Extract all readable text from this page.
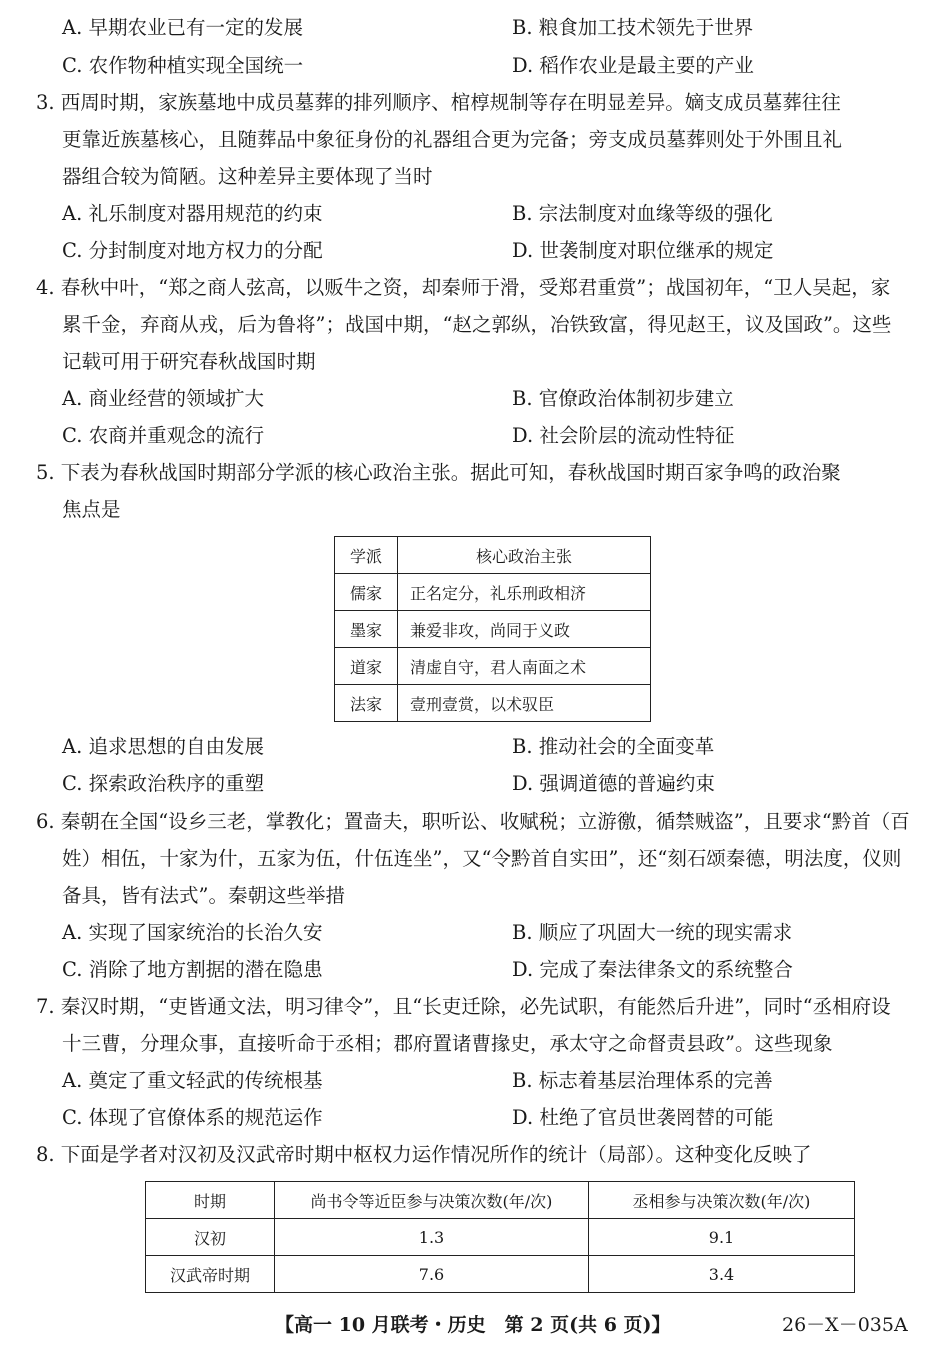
A. 早期农业已有一定的发展	B. 粮食加工技术领先于世界
C. 农作物种植实现全国统一	D. 稻作农业是最主要的产业
3. 西周时期，家族墓地中成员墓葬的排列顺序、棺椁规制等存在明显差异。嫡支成员墓葬往往
更靠近族墓核心，且随葬品中象征身份的礼器组合更为完备；旁支成员墓葬则处于外围且礼
器组合较为简陋。这种差异主要体现了当时
A. 礼乐制度对器用规范的约束	B. 宗法制度对血缘等级的强化
C. 分封制度对地方权力的分配	D. 世袭制度对职位继承的规定
4. 春秋中叶，“郑之商人弦高，以贩牛之资，却秦师于滑，受郑君重赏”；战国初年，“卫人吴起，家
累千金，弃商从戎，后为鲁将”；战国中期，“赵之郭纵，冶铁致富，得见赵王，议及国政”。这些
记载可用于研究春秋战国时期
A. 商业经营的领域扩大	B. 官僚政治体制初步建立
C. 农商并重观念的流行	D. 社会阶层的流动性特征
5. 下表为春秋战国时期部分学派的核心政治主张。据此可知，春秋战国时期百家争鸣的政治聚
焦点是
学派	核心政治主张
儒家	正名定分，礼乐刑政相济
墨家	兼爱非攻，尚同于义政
道家	清虚自守，君人南面之术
法家	壹刑壹赏，以术驭臣
A. 追求思想的自由发展	B. 推动社会的全面变革
C. 探索政治秩序的重塑	D. 强调道德的普遍约束
6. 秦朝在全国“设乡三老，掌教化；置啬夫，职听讼、收赋税；立游徼，循禁贼盗”，且要求“黔首（百
姓）相伍，十家为什，五家为伍，什伍连坐”，又“令黔首自实田”，还“刻石颂秦德，明法度，仪则
备具，皆有法式”。秦朝这些举措
A. 实现了国家统治的长治久安	B. 顺应了巩固大一统的现实需求
C. 消除了地方割据的潜在隐患	D. 完成了秦法律条文的系统整合
7. 秦汉时期，“吏皆通文法，明习律令”，且“长吏迁除，必先试职，有能然后升进”，同时“丞相府设
十三曹，分理众事，直接听命于丞相；郡府置诸曹掾史，承太守之命督责县政”。这些现象
A. 奠定了重文轻武的传统根基	B. 标志着基层治理体系的完善
C. 体现了官僚体系的规范运作	D. 杜绝了官员世袭罔替的可能
8. 下面是学者对汉初及汉武帝时期中枢权力运作情况所作的统计（局部）。这种变化反映了
时期	尚书令等近臣参与决策次数(年/次)	丞相参与决策次数(年/次)
汉初	1.3	9.1
汉武帝时期	7.6	3.4
【高一 10 月联考・历史　第 2 页(共 6 页)】	26－X－035A
